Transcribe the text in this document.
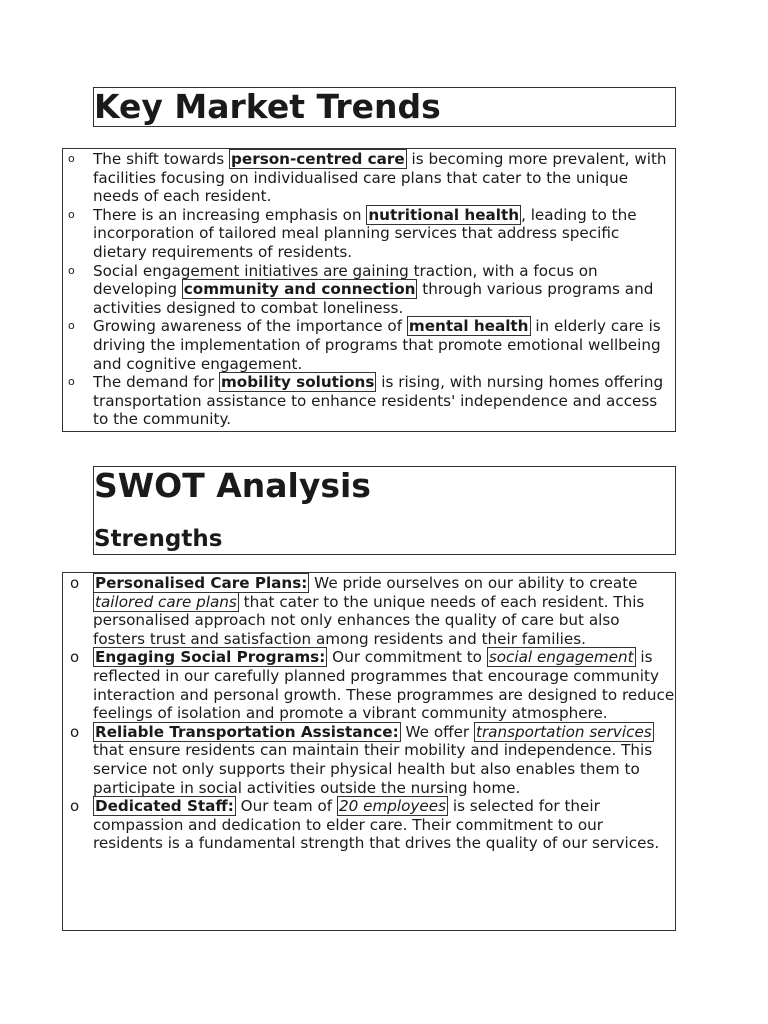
Key Market Trends
o The shift towards person-centred care is becoming more prevalent, with facilities focusing on individualised care plans that cater to the unique needs of each resident.
o There is an increasing emphasis on nutritional health , leading to the incorporation of tailored meal planning services that address specific dietary requirements of residents.
o Social engagement initiatives are gaining traction, with a focus on developing community and connection through various programs and activities designed to combat loneliness.
o Growing awareness of the importance of mental health in elderly care is driving the implementation of programs that promote emotional wellbeing and cognitive engagement.
o The demand for mobility solutions is rising, with nursing homes offering transportation assistance to enhance residents' independence and access to the community.
SWOT Analysis
Strengths
o Personalised Care Plans: We pride ourselves on our ability to create tailored care plans that cater to the unique needs of each resident. This personalised approach not only enhances the quality of care but also fosters trust and satisfaction among residents and their families.
o Engaging Social Programs: Our commitment to social engagement is reflected in our carefully planned programmes that encourage community interaction and personal growth. These programmes are designed to reduce feelings of isolation and promote a vibrant community atmosphere.
o Reliable Transportation Assistance: We offer transportation services that ensure residents can maintain their mobility and independence. This service not only supports their physical health but also enables them to participate in social activities outside the nursing home.
o Dedicated Staff: Our team of 20 employees is selected for their compassion and dedication to elder care. Their commitment to our residents is a fundamental strength that drives the quality of our services.
